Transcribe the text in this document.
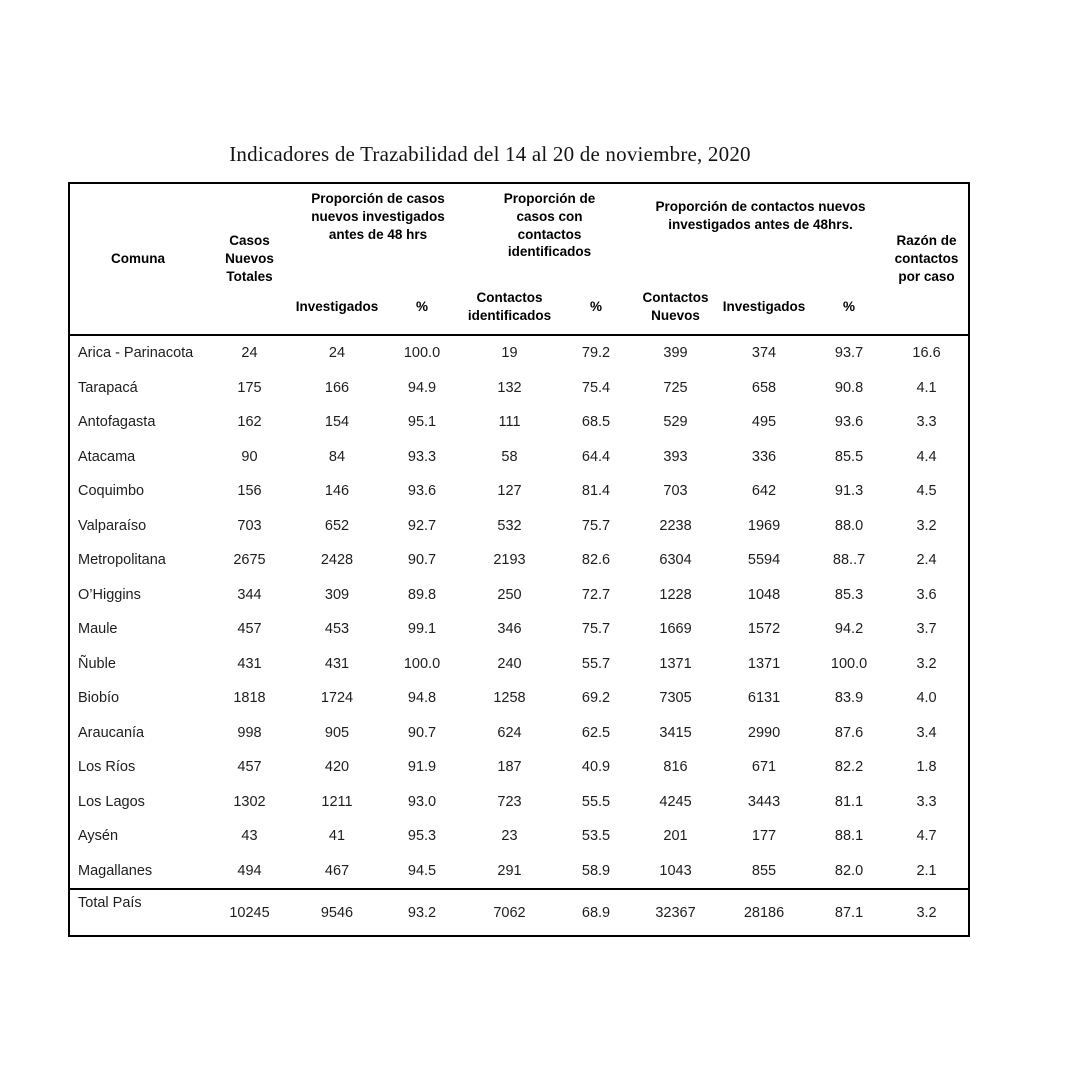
Indicadores de Trazabilidad del 14 al 20 de noviembre, 2020
Comuna	Casos Nuevos Totales	Proporción de casos nuevos investigados antes de 48 hrs		Proporción de casos con contactos identificados		Proporción de contactos nuevos investigados antes de 48hrs.			Razón de contactos por caso
		Investigados	%	Contactos identificados	%	Contactos Nuevos	Investigados	%	
Arica - Parinacota	24	24	100.0	19	79.2	399	374	93.7	16.6
Tarapacá	175	166	94.9	132	75.4	725	658	90.8	4.1
Antofagasta	162	154	95.1	111	68.5	529	495	93.6	3.3
Atacama	90	84	93.3	58	64.4	393	336	85.5	4.4
Coquimbo	156	146	93.6	127	81.4	703	642	91.3	4.5
Valparaíso	703	652	92.7	532	75.7	2238	1969	88.0	3.2
Metropolitana	2675	2428	90.7	2193	82.6	6304	5594	88..7	2.4
O’Higgins	344	309	89.8	250	72.7	1228	1048	85.3	3.6
Maule	457	453	99.1	346	75.7	1669	1572	94.2	3.7
Ñuble	431	431	100.0	240	55.7	1371	1371	100.0	3.2
Biobío	1818	1724	94.8	1258	69.2	7305	6131	83.9	4.0
Araucanía	998	905	90.7	624	62.5	3415	2990	87.6	3.4
Los Ríos	457	420	91.9	187	40.9	816	671	82.2	1.8
Los Lagos	1302	1211	93.0	723	55.5	4245	3443	81.1	3.3
Aysén	43	41	95.3	23	53.5	201	177	88.1	4.7
Magallanes	494	467	94.5	291	58.9	1043	855	82.0	2.1
Total País	10245	9546	93.2	7062	68.9	32367	28186	87.1	3.2
